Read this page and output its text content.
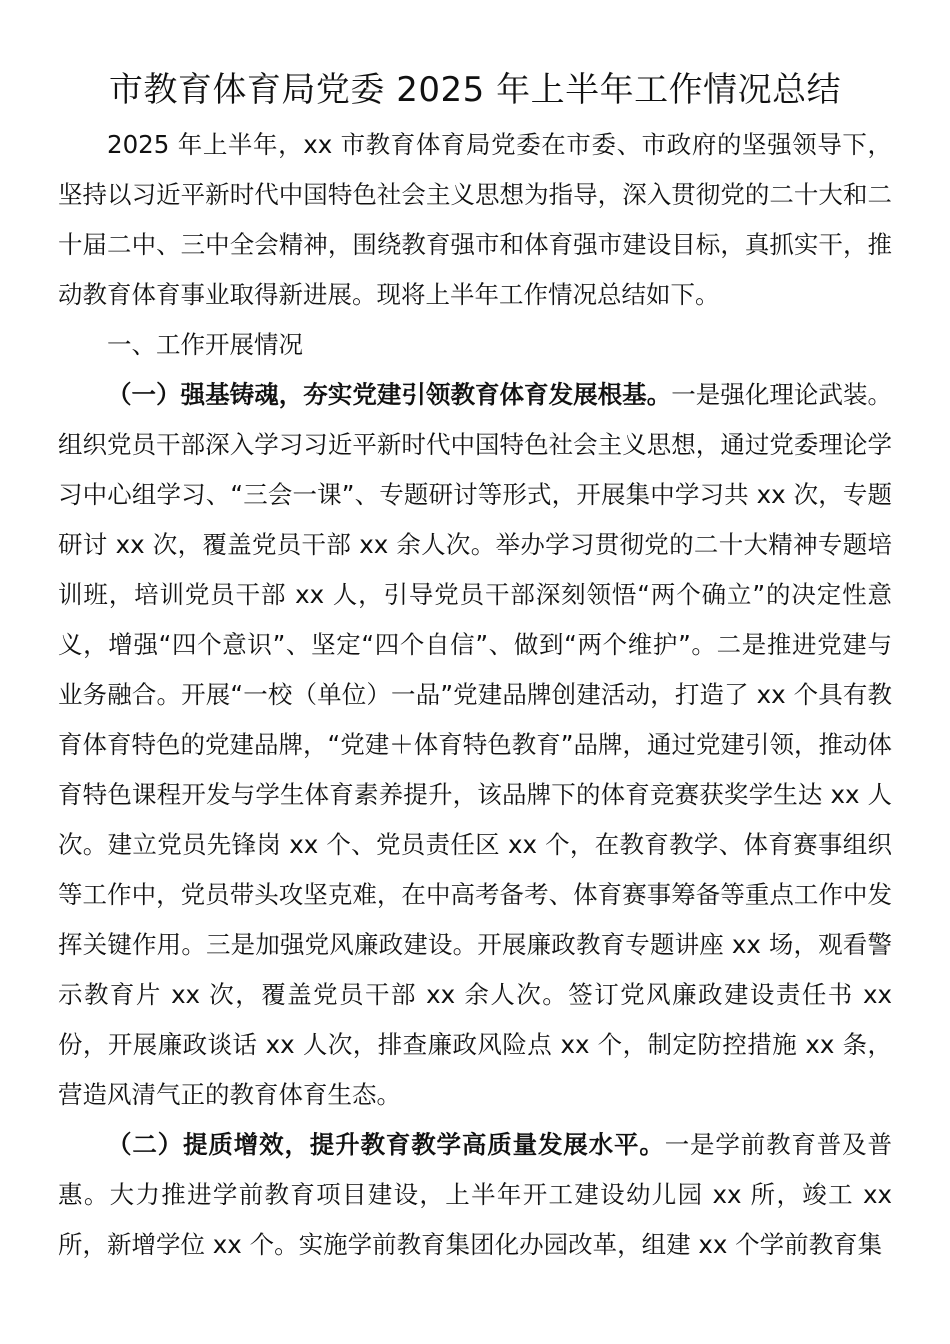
市教育体育局党委 2025 年上半年工作情况总结

2025 年上半年，xx 市教育体育局党委在市委、市政府的坚强领导下，坚持以习近平新时代中国特色社会主义思想为指导，深入贯彻党的二十大和二十届二中、三中全会精神，围绕教育强市和体育强市建设目标，真抓实干，推动教育体育事业取得新进展。现将上半年工作情况总结如下。

一、工作开展情况

（一）强基铸魂，夯实党建引领教育体育发展根基。一是强化理论武装。组织党员干部深入学习习近平新时代中国特色社会主义思想，通过党委理论学习中心组学习、“三会一课”、专题研讨等形式，开展集中学习共 xx 次，专题研讨 xx 次，覆盖党员干部 xx 余人次。举办学习贯彻党的二十大精神专题培训班，培训党员干部 xx 人，引导党员干部深刻领悟“两个确立”的决定性意义，增强“四个意识”、坚定“四个自信”、做到“两个维护”。二是推进党建与业务融合。开展“一校（单位）一品”党建品牌创建活动，打造了 xx 个具有教育体育特色的党建品牌，“党建＋体育特色教育”品牌，通过党建引领，推动体育特色课程开发与学生体育素养提升，该品牌下的体育竞赛获奖学生达 xx 人次。建立党员先锋岗 xx 个、党员责任区 xx 个，在教育教学、体育赛事组织等工作中，党员带头攻坚克难，在中高考备考、体育赛事筹备等重点工作中发挥关键作用。三是加强党风廉政建设。开展廉政教育专题讲座 xx 场，观看警示教育片 xx 次，覆盖党员干部 xx 余人次。签订党风廉政建设责任书 xx 份，开展廉政谈话 xx 人次，排查廉政风险点 xx 个，制定防控措施 xx 条，营造风清气正的教育体育生态。

（二）提质增效，提升教育教学高质量发展水平。一是学前教育普及普惠。大力推进学前教育项目建设，上半年开工建设幼儿园 xx 所，竣工 xx 所，新增学位 xx 个。实施学前教育集团化办园改革，组建 xx 个学前教育集
